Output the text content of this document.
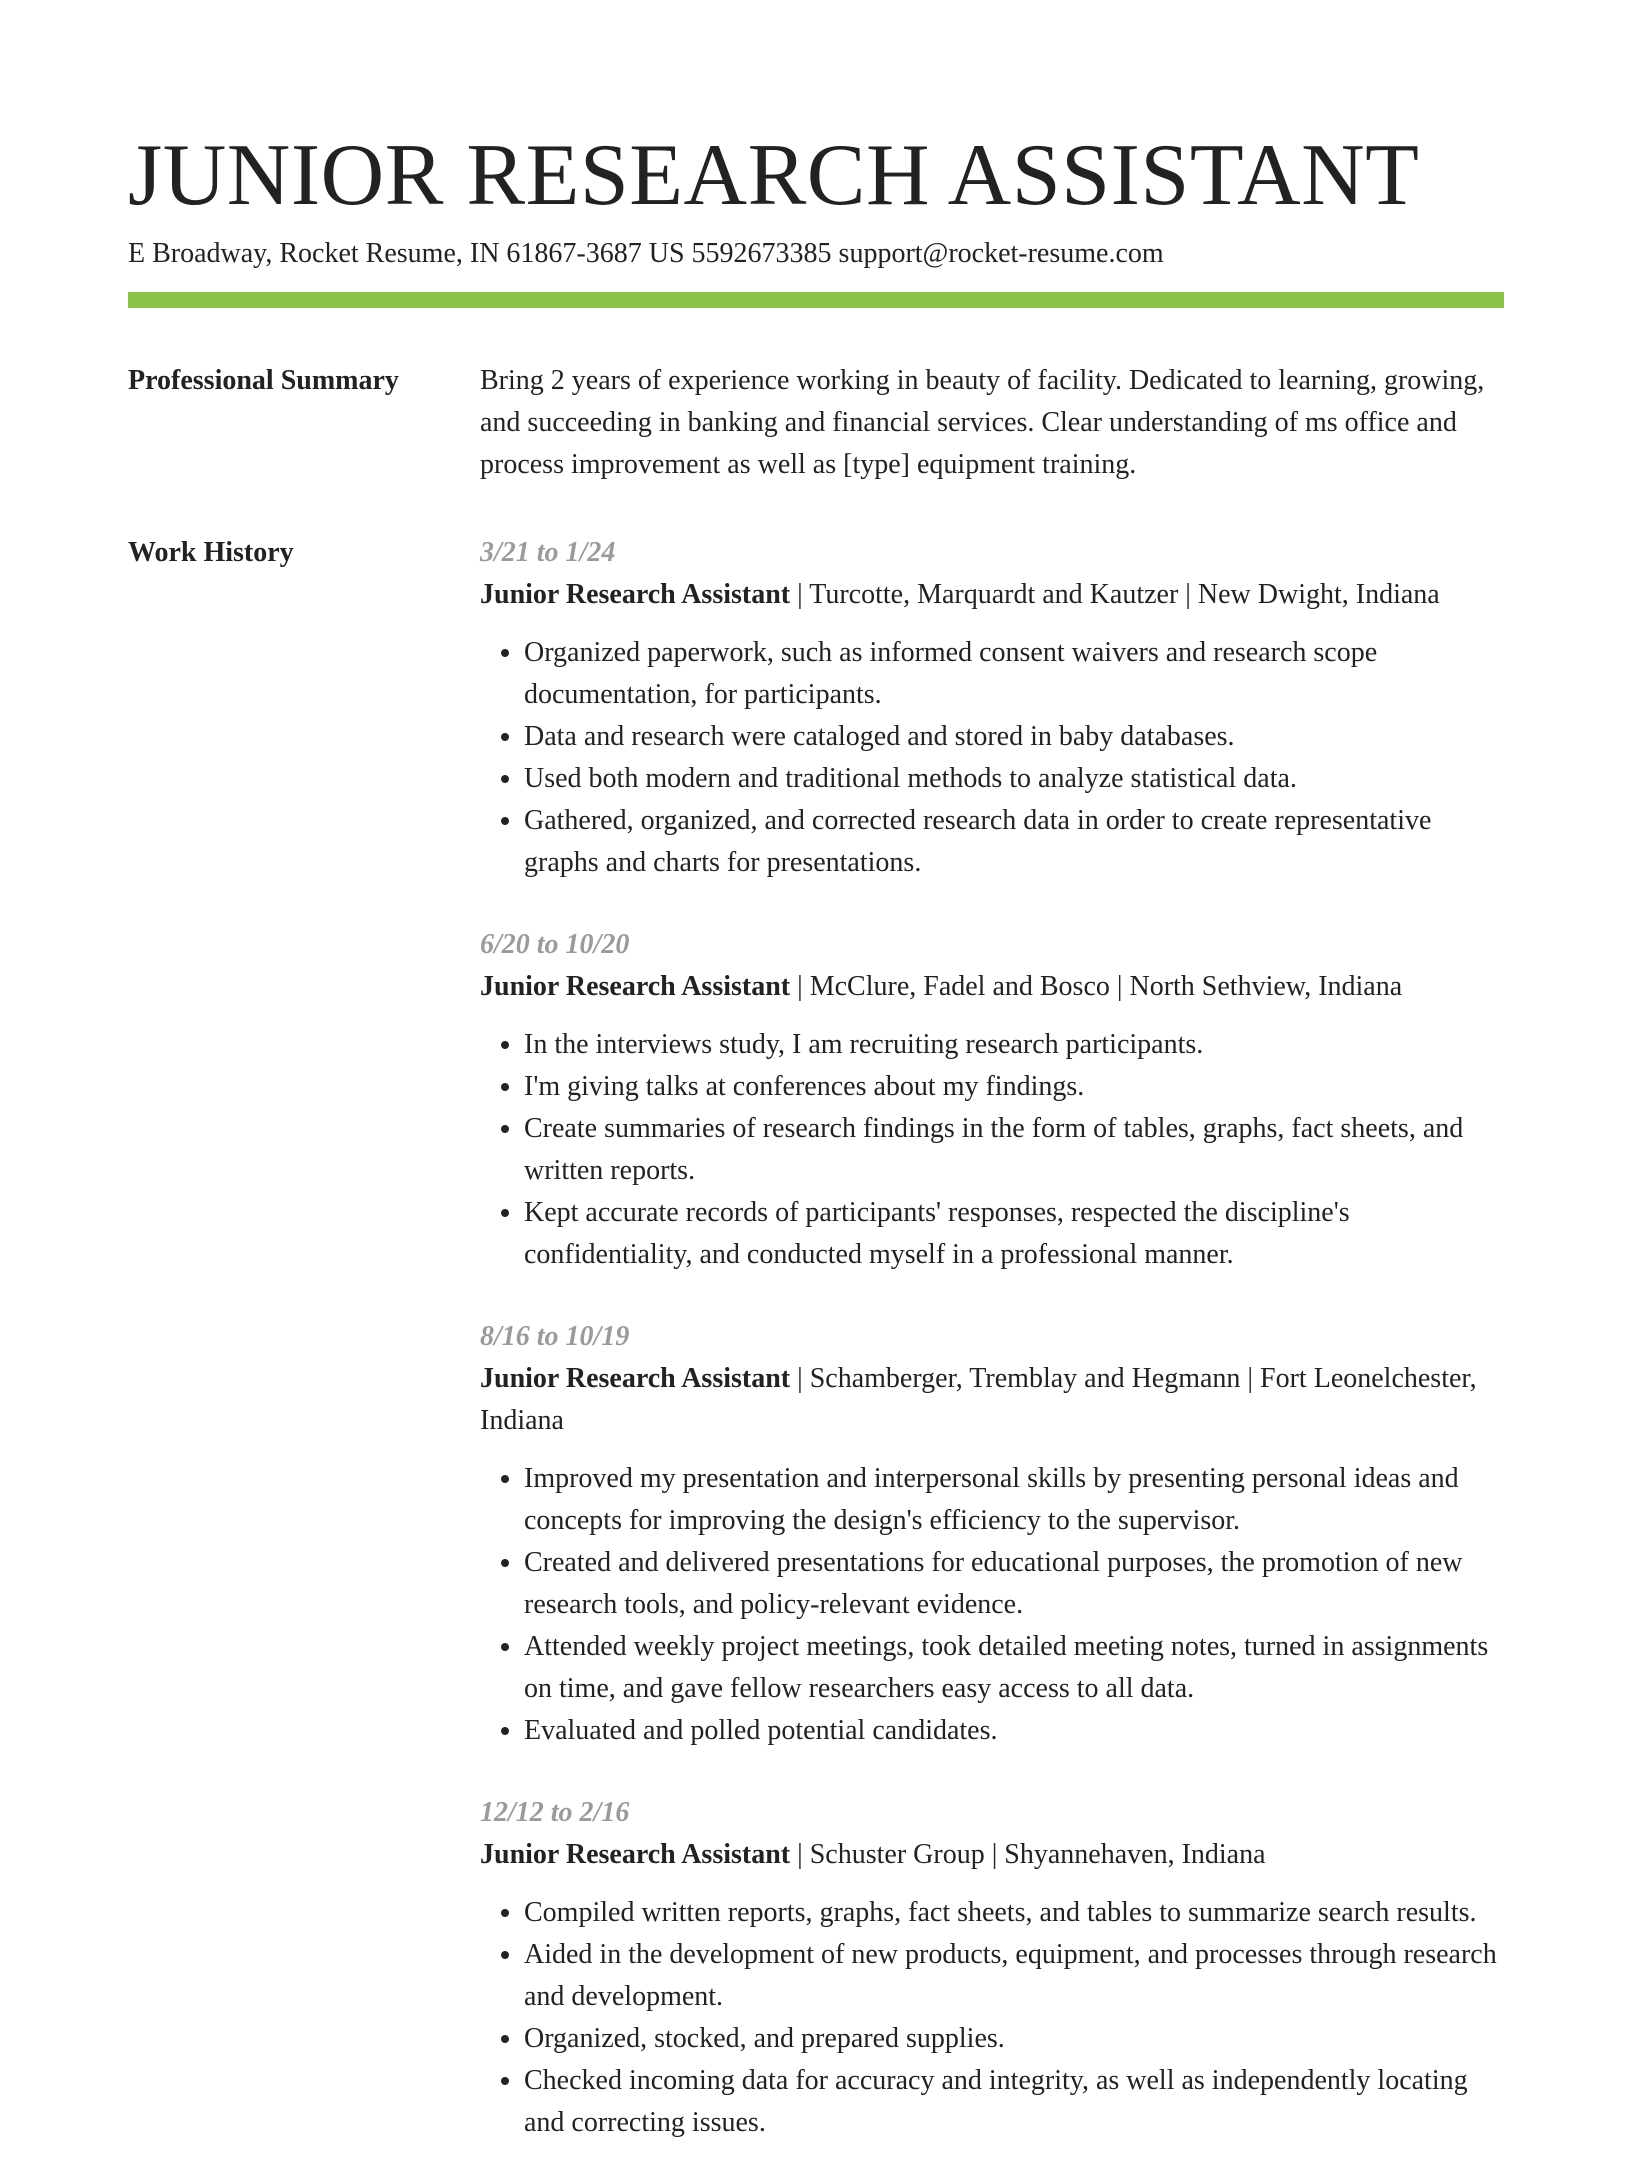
JUNIOR RESEARCH ASSISTANT
E Broadway, Rocket Resume, IN 61867-3687 US 5592673385 support@rocket-resume.com
Professional Summary	Bring 2 years of experience working in beauty of facility. Dedicated to learning, growing, and succeeding in banking and financial services. Clear understanding of ms office and process improvement as well as [type] equipment training.
Work History	3/21 to 1/24
Junior Research Assistant | Turcotte, Marquardt and Kautzer | New Dwight, Indiana
• Organized paperwork, such as informed consent waivers and research scope documentation, for participants.
• Data and research were cataloged and stored in baby databases.
• Used both modern and traditional methods to analyze statistical data.
• Gathered, organized, and corrected research data in order to create representative graphs and charts for presentations.
6/20 to 10/20
Junior Research Assistant | McClure, Fadel and Bosco | North Sethview, Indiana
• In the interviews study, I am recruiting research participants.
• I'm giving talks at conferences about my findings.
• Create summaries of research findings in the form of tables, graphs, fact sheets, and written reports.
• Kept accurate records of participants' responses, respected the discipline's confidentiality, and conducted myself in a professional manner.
8/16 to 10/19
Junior Research Assistant | Schamberger, Tremblay and Hegmann | Fort Leonelchester, Indiana
• Improved my presentation and interpersonal skills by presenting personal ideas and concepts for improving the design's efficiency to the supervisor.
• Created and delivered presentations for educational purposes, the promotion of new research tools, and policy-relevant evidence.
• Attended weekly project meetings, took detailed meeting notes, turned in assignments on time, and gave fellow researchers easy access to all data.
• Evaluated and polled potential candidates.
12/12 to 2/16
Junior Research Assistant | Schuster Group | Shyannehaven, Indiana
• Compiled written reports, graphs, fact sheets, and tables to summarize search results.
• Aided in the development of new products, equipment, and processes through research and development.
• Organized, stocked, and prepared supplies.
• Checked incoming data for accuracy and integrity, as well as independently locating and correcting issues.
